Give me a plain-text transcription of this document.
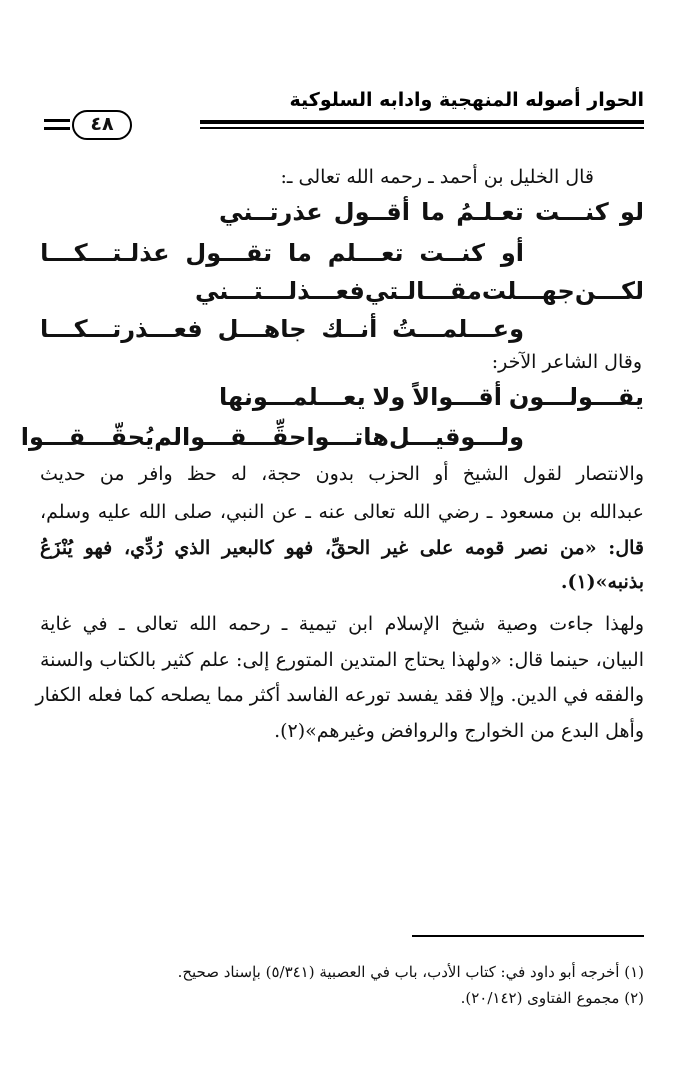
الحوار أصوله المنهجية وادابه السلوكية
٤٨
قال الخليل بن أحمد ـ رحمه الله تعالى ـ:
لو
كنـــت
تعـلـمُ
ما
أقــول
عذرتــني
أو
كنــت
تعـــلم
ما
تقـــول
عذلـتـــكـــا
لكـــن
جهـــلت
مقـــالـتي
فعـــذلـــتـــني
وعـــلمـــتُ
أنــك
جاهـــل
فعـــذرتـــكـــا
وقال الشاعر الآخر:
يقـــولـــون
أقـــوالاً
ولا
يعـــلمـــونها
ولـــو
قيـــل
هاتـــوا
حقِّـــقـــوا
لم
يُحقّـــقـــوا
والانتصار لقول الشيخ أو الحزب بدون حجة، له حظ وافر من حديث
عبدالله بن مسعود ـ رضي الله تعالى عنه ـ عن النبي، صلى الله عليه وسلم،
قال: «من نصر قومه على غير الحقِّ، فهو كالبعير الذي رُدِّي، فهو يُنْزَعُ
بذنبه»(١).
ولهذا جاءت وصية شيخ الإسلام ابن تيمية ـ رحمه الله تعالى ـ في غاية
البيان، حينما قال: «ولهذا يحتاج المتدين المتورع إلى: علم كثير بالكتاب والسنة
والفقه في الدين. وإلا فقد يفسد تورعه الفاسد أكثر مما يصلحه كما فعله الكفار
وأهل البدع من الخوارج والروافض وغيرهم»(٢).
(١) أخرجه أبو داود في: كتاب الأدب، باب في العصبية (٥/٣٤١) بإسناد صحيح.
(٢) مجموع الفتاوى (٢٠/١٤٢).
